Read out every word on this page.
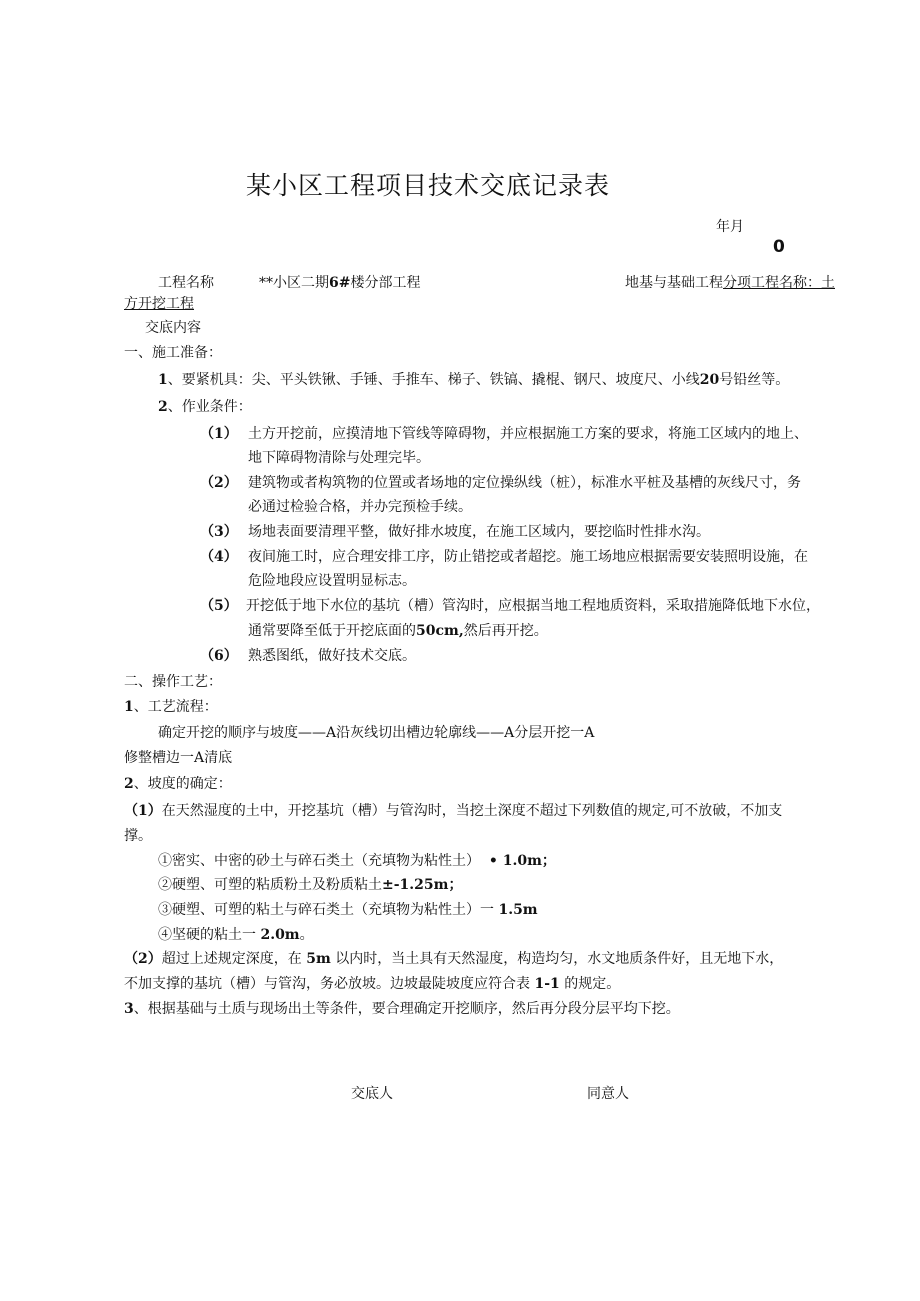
某小区工程项目技术交底记录表
年月
0
工程名称	**小区二期6#楼分部工程	地基与基础工程分项工程名称：土
方开挖工程
交底内容
一、施工准备：
1、要紧机具：尖、平头铁锹、手锤、手推车、梯子、铁镐、撬棍、钢尺、坡度尺、小线20号铅丝等。
2、作业条件：
（1） 土方开挖前，应摸清地下管线等障碍物，并应根据施工方案的要求，将施工区域内的地上、
地下障碍物清除与处理完毕。
（2） 建筑物或者构筑物的位置或者场地的定位操纵线（桩），标准水平桩及基槽的灰线尺寸，务
必通过检验合格，并办完预检手续。
（3） 场地表面要清理平整，做好排水坡度，在施工区域内，要挖临时性排水沟。
（4） 夜间施工时，应合理安排工序，防止错挖或者超挖。施工场地应根据需要安装照明设施，在
危险地段应设置明显标志。
（5） 开挖低于地下水位的基坑（槽）管沟时，应根据当地工程地质资料，采取措施降低地下水位，
通常要降至低于开挖底面的50cm,然后再开挖。
（6） 熟悉图纸，做好技术交底。
二、操作工艺：
1、工艺流程：
确定开挖的顺序与坡度——A沿灰线切出槽边轮廓线——A分层开挖一A
修整槽边一A清底
2、坡度的确定：
（1）在天然湿度的土中，开挖基坑（槽）与管沟时，当挖土深度不超过下列数值的规定,可不放破，不加支
撑。
①密实、中密的砂土与碎石类土（充填物为粘性土） • 1.0m；
②硬塑、可塑的粘质粉土及粉质粘土±-1.25m；
③硬塑、可塑的粘土与碎石类土（充填物为粘性土）一 1.5m
④坚硬的粘土一 2.0m。
（2）超过上述规定深度，在 5m 以内时，当土具有天然湿度，构造均匀，水文地质条件好，且无地下水，
不加支撑的基坑（槽）与管沟，务必放坡。边坡最陡坡度应符合表 1-1 的规定。
3、根据基础与土质与现场出土等条件，要合理确定开挖顺序，然后再分段分层平均下挖。
交底人	同意人
